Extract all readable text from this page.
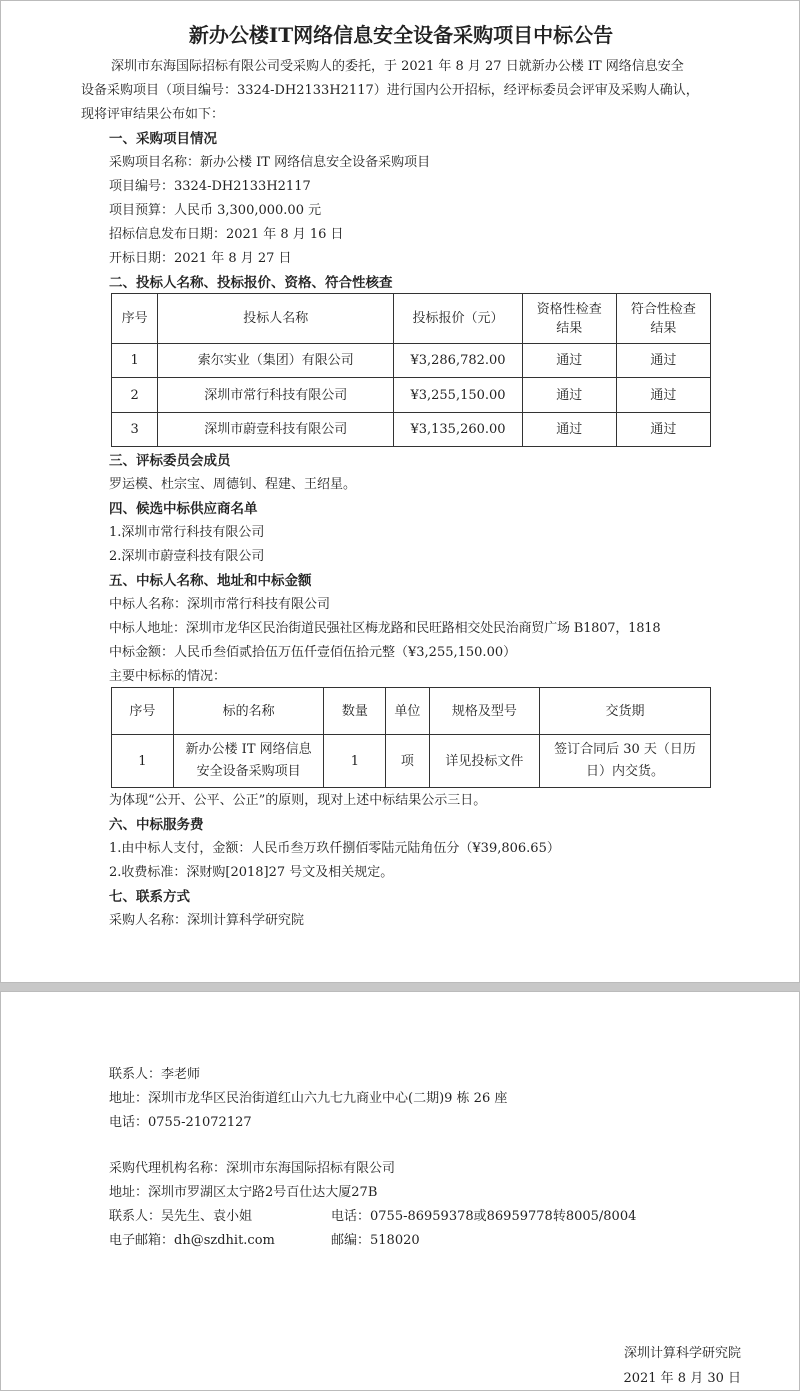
新办公楼IT网络信息安全设备采购项目中标公告
深圳市东海国际招标有限公司受采购人的委托，于 2021 年 8 月 27 日就新办公楼 IT 网络信息安全
设备采购项目（项目编号：3324-DH2133H2117）进行国内公开招标，经评标委员会评审及采购人确认，
现将评审结果公布如下：
一、采购项目情况
采购项目名称：新办公楼 IT 网络信息安全设备采购项目
项目编号：3324-DH2133H2117
项目预算：人民币 3,300,000.00 元
招标信息发布日期：2021 年 8 月 16 日
开标日期：2021 年 8 月 27 日
二、投标人名称、投标报价、资格、符合性核查
序号	投标人名称	投标报价（元）	资格性检查结果	符合性检查结果
1	索尔实业（集团）有限公司	¥3,286,782.00	通过	通过
2	深圳市常行科技有限公司	¥3,255,150.00	通过	通过
3	深圳市蔚壹科技有限公司	¥3,135,260.00	通过	通过
三、评标委员会成员
罗运模、杜宗宝、周德钊、程建、王绍星。
四、候选中标供应商名单
1.深圳市常行科技有限公司
2.深圳市蔚壹科技有限公司
五、中标人名称、地址和中标金额
中标人名称：深圳市常行科技有限公司
中标人地址：深圳市龙华区民治街道民强社区梅龙路和民旺路相交处民治商贸广场 B1807，1818
中标金额：人民币叁佰贰拾伍万伍仟壹佰伍拾元整（¥3,255,150.00）
主要中标标的情况：
序号	标的名称	数量	单位	规格及型号	交货期
1	新办公楼 IT 网络信息安全设备采购项目	1	项	详见投标文件	签订合同后 30 天（日历日）内交货。
为体现“公开、公平、公正”的原则，现对上述中标结果公示三日。
六、中标服务费
1.由中标人支付，金额：人民币叁万玖仟捌佰零陆元陆角伍分（¥39,806.65）
2.收费标准：深财购[2018]27 号文及相关规定。
七、联系方式
采购人名称：深圳计算科学研究院
联系人：李老师
地址：深圳市龙华区民治街道红山六九七九商业中心(二期)9 栋 26 座
电话：0755-21072127
采购代理机构名称：深圳市东海国际招标有限公司
地址：深圳市罗湖区太宁路2号百仕达大厦27B
联系人：吴先生、袁小姐	电话：0755-86959378或86959778转8005/8004
电子邮箱：dh@szdhit.com	邮编：518020
深圳计算科学研究院
2021 年 8 月 30 日
